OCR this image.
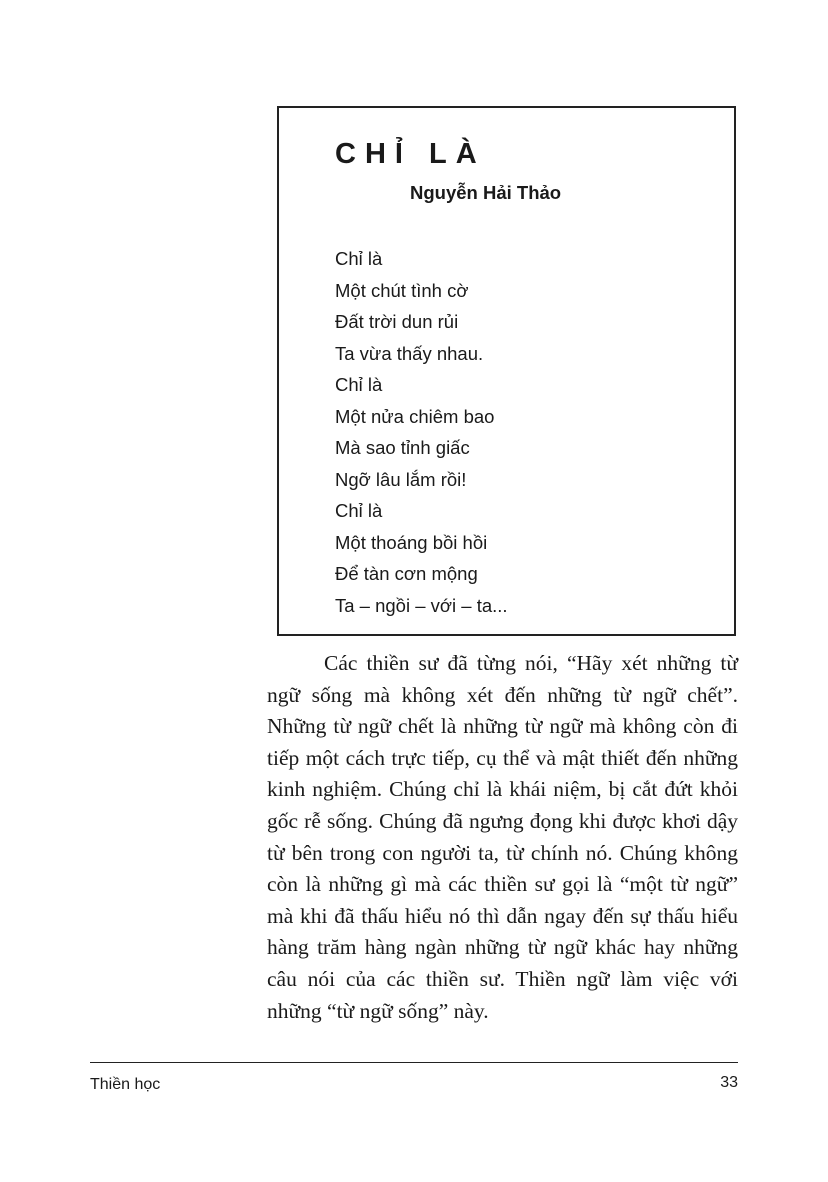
CHỈ LÀ
Nguyễn Hải Thảo
Chỉ là
Một chút tình cờ
Đất trời dun rủi
Ta vừa thấy nhau.
Chỉ là
Một nửa chiêm bao
Mà sao tỉnh giấc
Ngỡ lâu lắm rồi!
Chỉ là
Một thoáng bồi hồi
Để tàn cơn mộng
Ta – ngồi – với – ta...

Các thiền sư đã từng nói, “Hãy xét những từ ngữ sống mà không xét đến những từ ngữ chết”. Những từ ngữ chết là những từ ngữ mà không còn đi tiếp một cách trực tiếp, cụ thể và mật thiết đến những kinh nghiệm. Chúng chỉ là khái niệm, bị cắt đứt khỏi gốc rễ sống. Chúng đã ngưng đọng khi được khơi dậy từ bên trong con người ta, từ chính nó. Chúng không còn là những gì mà các thiền sư gọi là “một từ ngữ” mà khi đã thấu hiểu nó thì dẫn ngay đến sự thấu hiểu hàng trăm hàng ngàn những từ ngữ khác hay những câu nói của các thiền sư. Thiền ngữ làm việc với những “từ ngữ sống” này.

Thiền học	33
